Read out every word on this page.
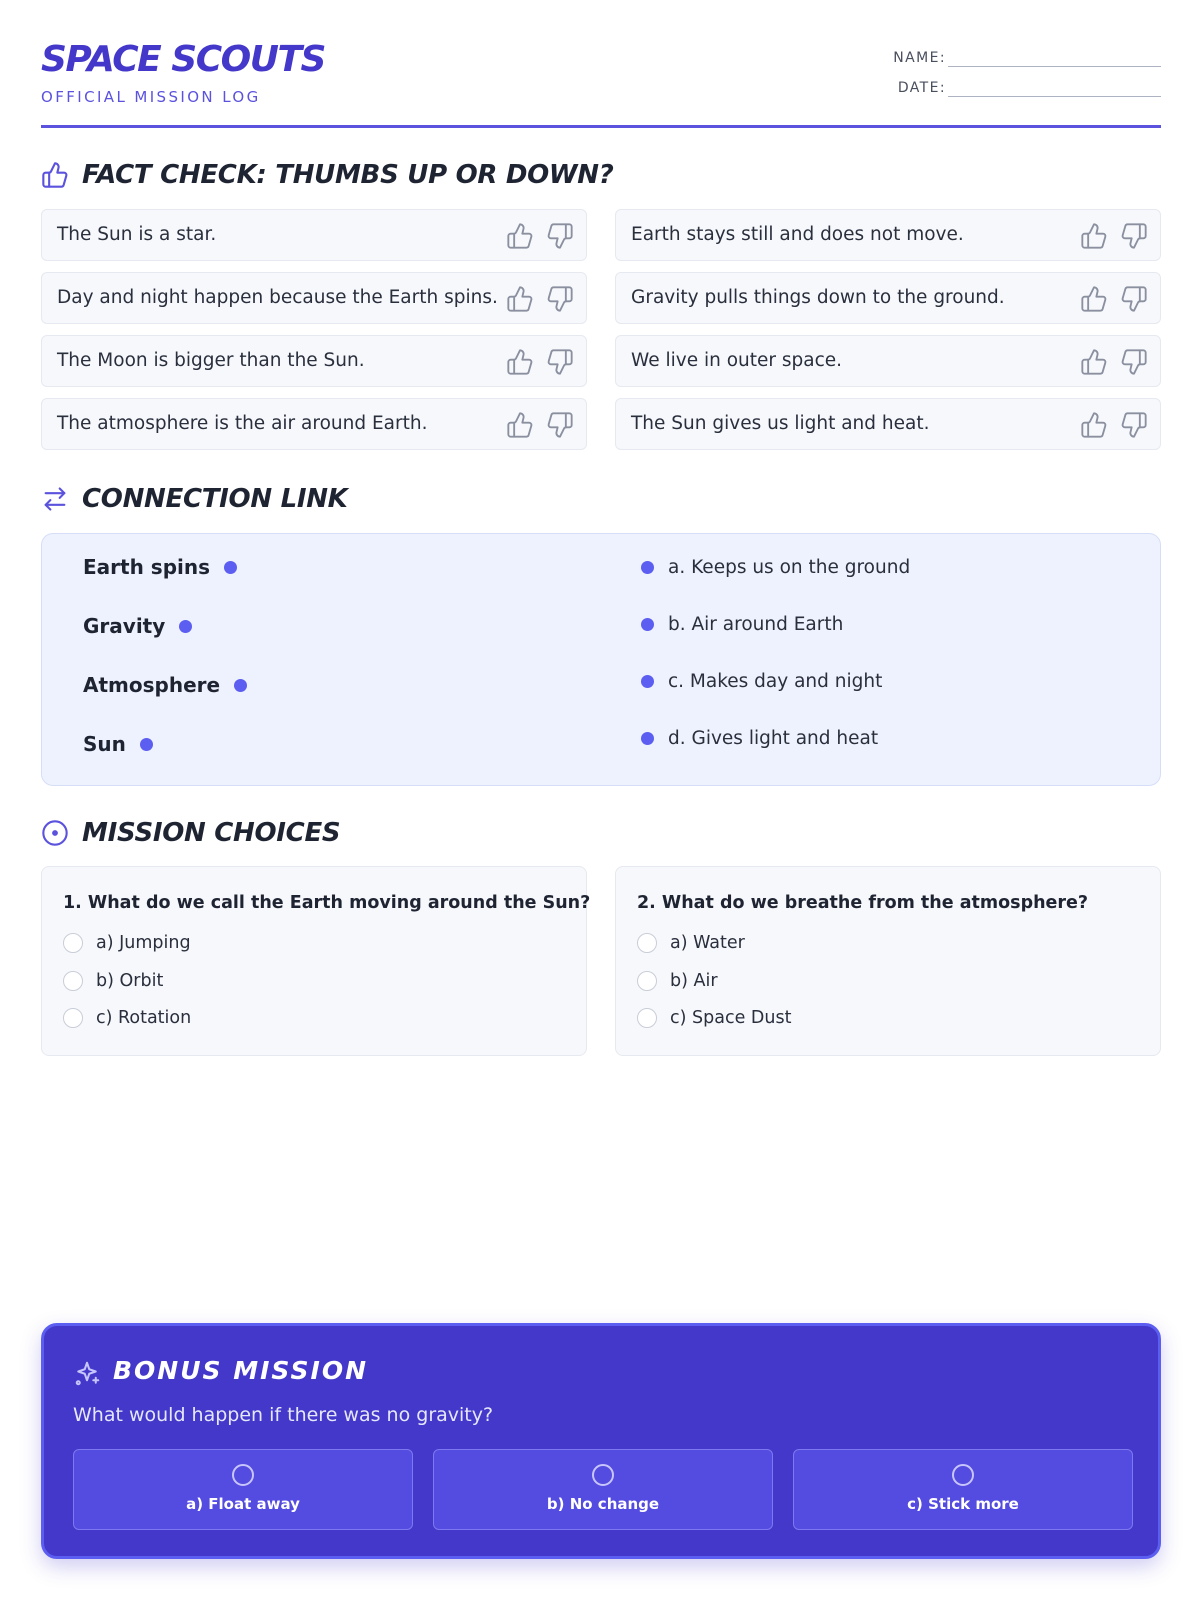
SPACE SCOUTS
OFFICIAL MISSION LOG
NAME:
DATE:
FACT CHECK: THUMBS UP OR DOWN?
The Sun is a star.	Earth stays still and does not move.
Day and night happen because the Earth spins.	Gravity pulls things down to the ground.
The Moon is bigger than the Sun.	We live in outer space.
The atmosphere is the air around Earth.	The Sun gives us light and heat.
CONNECTION LINK
Earth spins
Gravity
Atmosphere
Sun
a. Keeps us on the ground
b. Air around Earth
c. Makes day and night
d. Gives light and heat
MISSION CHOICES
1. What do we call the Earth moving around the Sun?
a) Jumping
b) Orbit
c) Rotation
2. What do we breathe from the atmosphere?
a) Water
b) Air
c) Space Dust
BONUS MISSION
What would happen if there was no gravity?
a) Float away	b) No change	c) Stick more
